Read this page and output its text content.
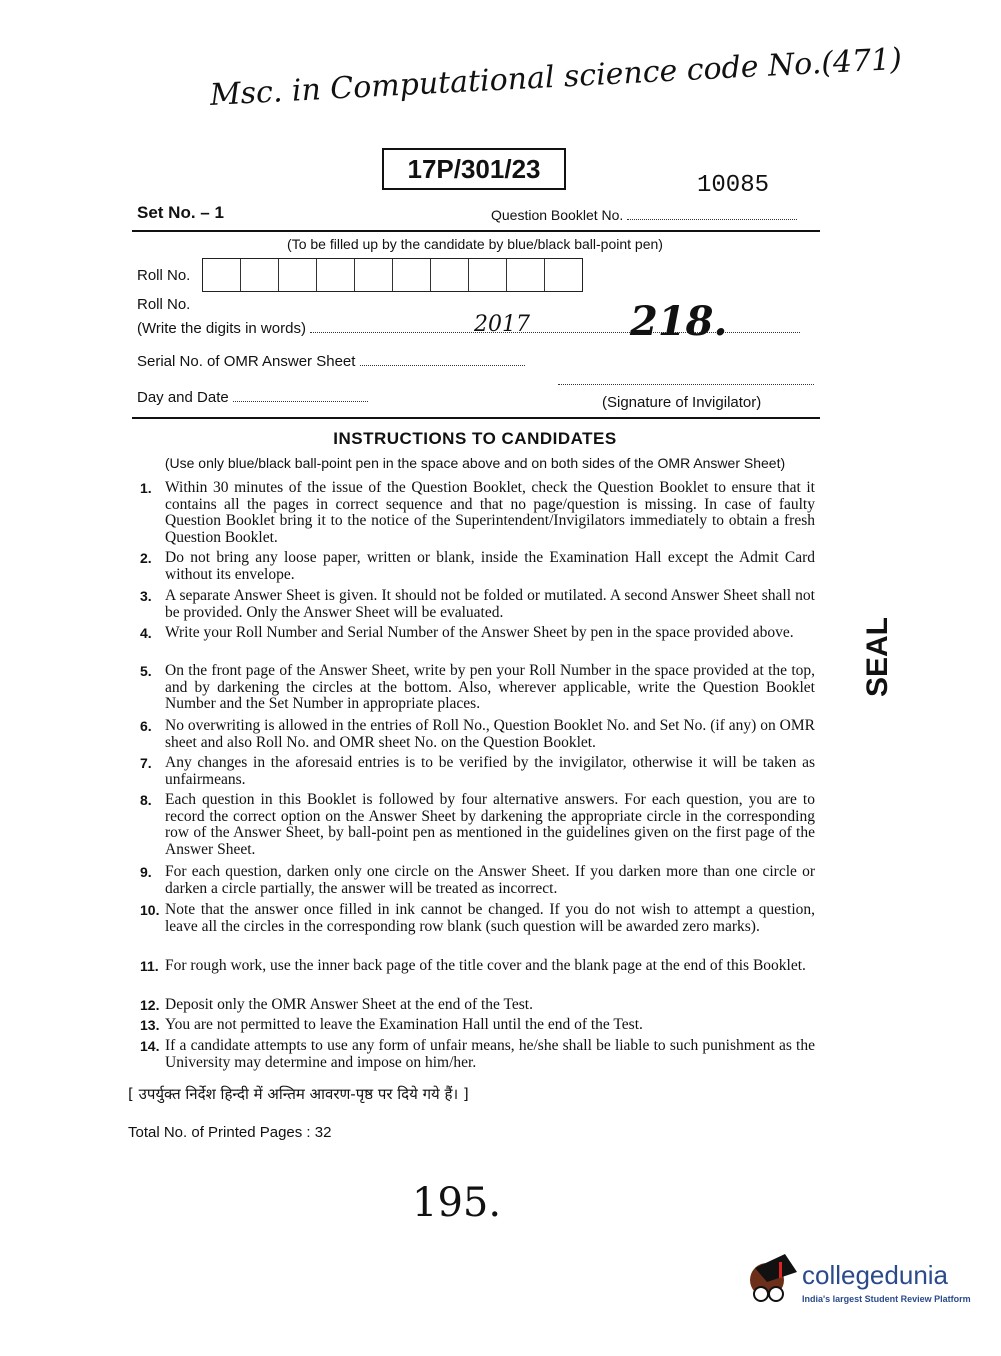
Msc. in Computational science code No.(471)
17P/301/23
10085
Set No. – 1	Question Booklet No.
(To be filled up by the candidate by blue/black ball-point pen)
Roll No.
Roll No.
(Write the digits in words)	2017	218.
Serial No. of OMR Answer Sheet
Day and Date	(Signature of Invigilator)
INSTRUCTIONS TO CANDIDATES
(Use only blue/black ball-point pen in the space above and on both sides of the OMR Answer Sheet)
1. Within 30 minutes of the issue of the Question Booklet, check the Question Booklet to ensure that it contains all the pages in correct sequence and that no page/question is missing. In case of faulty Question Booklet bring it to the notice of the Superintendent/Invigilators immediately to obtain a fresh Question Booklet.
2. Do not bring any loose paper, written or blank, inside the Examination Hall except the Admit Card without its envelope.
3. A separate Answer Sheet is given. It should not be folded or mutilated. A second Answer Sheet shall not be provided. Only the Answer Sheet will be evaluated.
4. Write your Roll Number and Serial Number of the Answer Sheet by pen in the space provided above.
5. On the front page of the Answer Sheet, write by pen your Roll Number in the space provided at the top, and by darkening the circles at the bottom. Also, wherever applicable, write the Question Booklet Number and the Set Number in appropriate places.
6. No overwriting is allowed in the entries of Roll No., Question Booklet No. and Set No. (if any) on OMR sheet and also Roll No. and OMR sheet No. on the Question Booklet.
7. Any changes in the aforesaid entries is to be verified by the invigilator, otherwise it will be taken as unfairmeans.
8. Each question in this Booklet is followed by four alternative answers. For each question, you are to record the correct option on the Answer Sheet by darkening the appropriate circle in the corresponding row of the Answer Sheet, by ball-point pen as mentioned in the guidelines given on the first page of the Answer Sheet.
9. For each question, darken only one circle on the Answer Sheet. If you darken more than one circle or darken a circle partially, the answer will be treated as incorrect.
10. Note that the answer once filled in ink cannot be changed. If you do not wish to attempt a question, leave all the circles in the corresponding row blank (such question will be awarded zero marks).
11. For rough work, use the inner back page of the title cover and the blank page at the end of this Booklet.
12. Deposit only the OMR Answer Sheet at the end of the Test.
13. You are not permitted to leave the Examination Hall until the end of the Test.
14. If a candidate attempts to use any form of unfair means, he/she shall be liable to such punishment as the University may determine and impose on him/her.
[ उपर्युक्त निर्देश हिन्दी में अन्तिम आवरण-पृष्ठ पर दिये गये हैं। ]
Total No. of Printed Pages : 32
195.
SEAL
collegedunia
India's largest Student Review Platform
